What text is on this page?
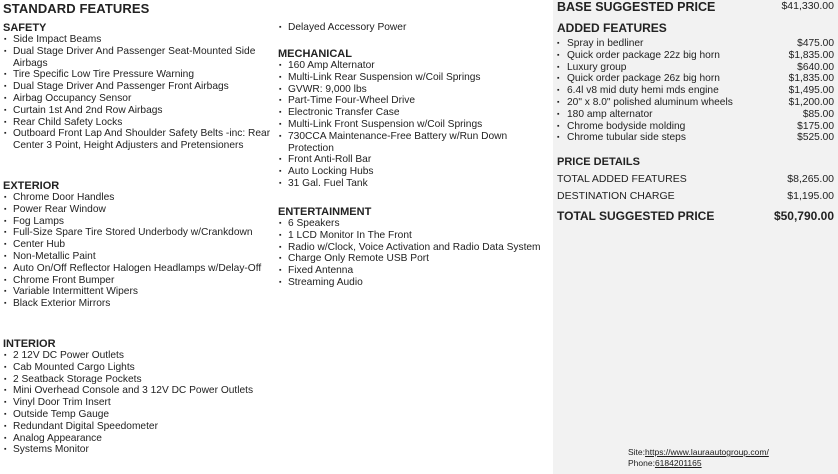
STANDARD FEATURES
SAFETY
▪ Side Impact Beams
▪ Dual Stage Driver And Passenger Seat-Mounted Side Airbags
▪ Tire Specific Low Tire Pressure Warning
▪ Dual Stage Driver And Passenger Front Airbags
▪ Airbag Occupancy Sensor
▪ Curtain 1st And 2nd Row Airbags
▪ Rear Child Safety Locks
▪ Outboard Front Lap And Shoulder Safety Belts -inc: Rear Center 3 Point, Height Adjusters and Pretensioners
EXTERIOR
▪ Chrome Door Handles
▪ Power Rear Window
▪ Fog Lamps
▪ Full-Size Spare Tire Stored Underbody w/Crankdown
▪ Center Hub
▪ Non-Metallic Paint
▪ Auto On/Off Reflector Halogen Headlamps w/Delay-Off
▪ Chrome Front Bumper
▪ Variable Intermittent Wipers
▪ Black Exterior Mirrors
INTERIOR
▪ 2 12V DC Power Outlets
▪ Cab Mounted Cargo Lights
▪ 2 Seatback Storage Pockets
▪ Mini Overhead Console and 3 12V DC Power Outlets
▪ Vinyl Door Trim Insert
▪ Outside Temp Gauge
▪ Redundant Digital Speedometer
▪ Analog Appearance
▪ Systems Monitor
▪ Delayed Accessory Power
MECHANICAL
▪ 160 Amp Alternator
▪ Multi-Link Rear Suspension w/Coil Springs
▪ GVWR: 9,000 lbs
▪ Part-Time Four-Wheel Drive
▪ Electronic Transfer Case
▪ Multi-Link Front Suspension w/Coil Springs
▪ 730CCA Maintenance-Free Battery w/Run Down Protection
▪ Front Anti-Roll Bar
▪ Auto Locking Hubs
▪ 31 Gal. Fuel Tank
ENTERTAINMENT
▪ 6 Speakers
▪ 1 LCD Monitor In The Front
▪ Radio w/Clock, Voice Activation and Radio Data System
▪ Charge Only Remote USB Port
▪ Fixed Antenna
▪ Streaming Audio
BASE SUGGESTED PRICE	$41,330.00
ADDED FEATURES
▪ Spray in bedliner	$475.00
▪ Quick order package 22z big horn	$1,835.00
▪ Luxury group	$640.00
▪ Quick order package 26z big horn	$1,835.00
▪ 6.4l v8 mid duty hemi mds engine	$1,495.00
▪ 20" x 8.0" polished aluminum wheels	$1,200.00
▪ 180 amp alternator	$85.00
▪ Chrome bodyside molding	$175.00
▪ Chrome tubular side steps	$525.00
PRICE DETAILS
TOTAL ADDED FEATURES	$8,265.00
DESTINATION CHARGE	$1,195.00
TOTAL SUGGESTED PRICE	$50,790.00
Site:https://www.lauraautogroup.com/
Phone:6184201165
